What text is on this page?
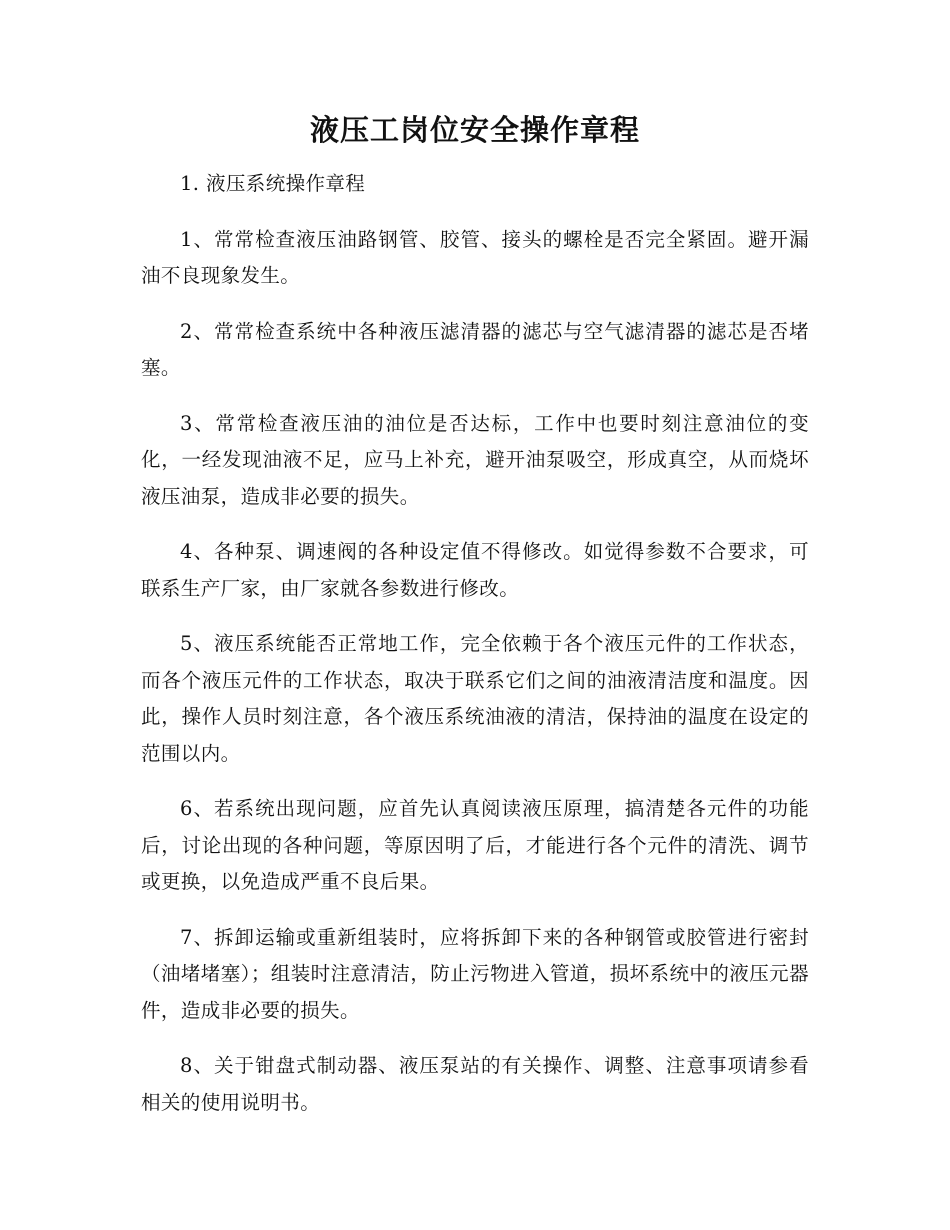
液压工岗位安全操作章程

1. 液压系统操作章程

1、常常检查液压油路钢管、胶管、接头的螺栓是否完全紧固。避开漏油不良现象发生。

2、常常检查系统中各种液压滤清器的滤芯与空气滤清器的滤芯是否堵塞。

3、常常检查液压油的油位是否达标，工作中也要时刻注意油位的变化，一经发现油液不足，应马上补充，避开油泵吸空，形成真空，从而烧坏液压油泵，造成非必要的损失。

4、各种泵、调速阀的各种设定值不得修改。如觉得参数不合要求，可联系生产厂家，由厂家就各参数进行修改。

5、液压系统能否正常地工作，完全依赖于各个液压元件的工作状态，而各个液压元件的工作状态，取决于联系它们之间的油液清洁度和温度。因此，操作人员时刻注意，各个液压系统油液的清洁，保持油的温度在设定的范围以内。

6、若系统出现问题，应首先认真阅读液压原理，搞清楚各元件的功能后，讨论出现的各种问题，等原因明了后，才能进行各个元件的清洗、调节或更换，以免造成严重不良后果。

7、拆卸运输或重新组装时，应将拆卸下来的各种钢管或胶管进行密封（油堵堵塞）；组装时注意清洁，防止污物进入管道，损坏系统中的液压元器件，造成非必要的损失。

8、关于钳盘式制动器、液压泵站的有关操作、调整、注意事项请参看相关的使用说明书。
